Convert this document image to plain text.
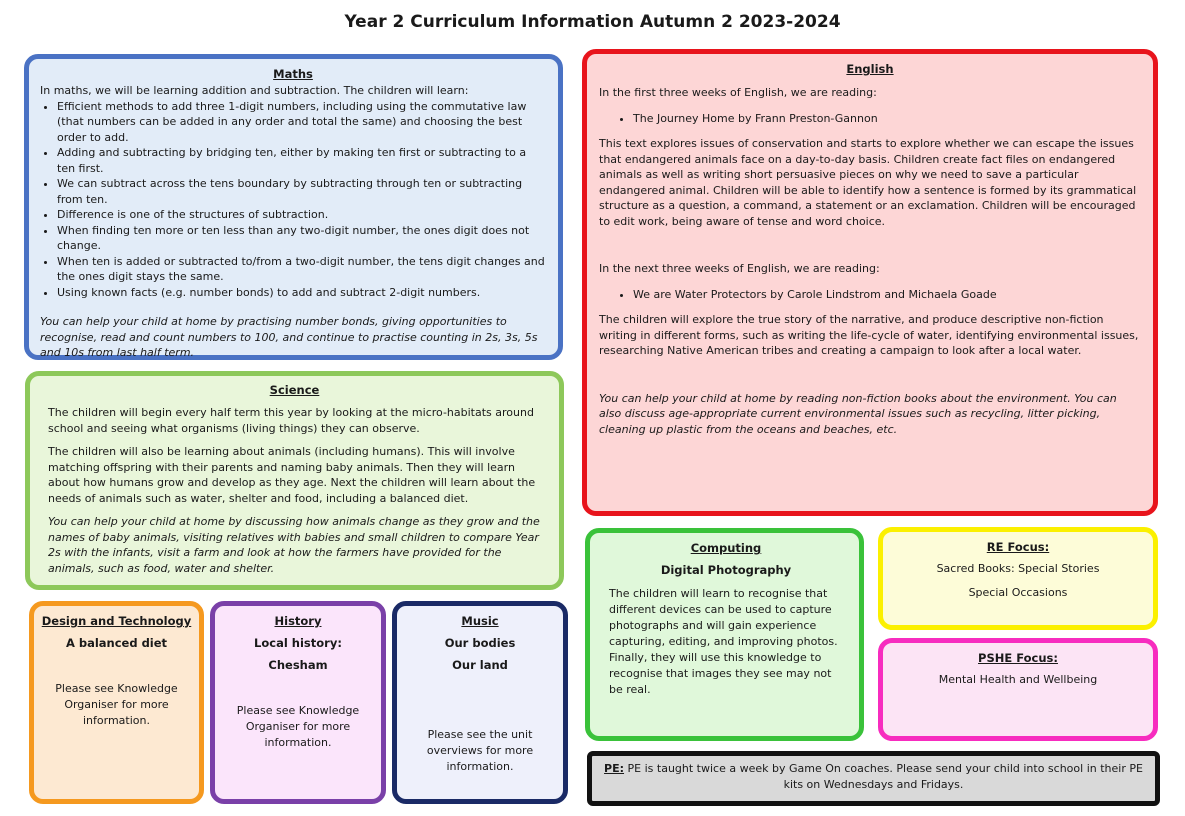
Year 2 Curriculum Information Autumn 2 2023-2024

Maths

In maths, we will be learning addition and subtraction. The children will learn:

• Efficient methods to add three 1-digit numbers, including using the commutative law (that numbers can be added in any order and total the same) and choosing the best order to add.
• Adding and subtracting by bridging ten, either by making ten first or subtracting to a ten first.
• We can subtract across the tens boundary by subtracting through ten or subtracting from ten.
• Difference is one of the structures of subtraction.
• When finding ten more or ten less than any two-digit number, the ones digit does not change.
• When ten is added or subtracted to/from a two-digit number, the tens digit changes and the ones digit stays the same.
• Using known facts (e.g. number bonds) to add and subtract 2-digit numbers.

You can help your child at home by practising number bonds, giving opportunities to recognise, read and count numbers to 100, and continue to practise counting in 2s, 3s, 5s and 10s from last half term.

English

In the first three weeks of English, we are reading:

• The Journey Home by Frann Preston-Gannon

This text explores issues of conservation and starts to explore whether we can escape the issues that endangered animals face on a day-to-day basis. Children create fact files on endangered animals as well as writing short persuasive pieces on why we need to save a particular endangered animal. Children will be able to identify how a sentence is formed by its grammatical structure as a question, a command, a statement or an exclamation. Children will be encouraged to edit work, being aware of tense and word choice.

In the next three weeks of English, we are reading:

• We are Water Protectors by Carole Lindstrom and Michaela Goade

The children will explore the true story of the narrative, and produce descriptive non-fiction writing in different forms, such as writing the life-cycle of water, identifying environmental issues, researching Native American tribes and creating a campaign to look after a local water.

You can help your child at home by reading non-fiction books about the environment. You can also discuss age-appropriate current environmental issues such as recycling, litter picking, cleaning up plastic from the oceans and beaches, etc.

Science

The children will begin every half term this year by looking at the micro-habitats around school and seeing what organisms (living things) they can observe.

The children will also be learning about animals (including humans). This will involve matching offspring with their parents and naming baby animals. Then they will learn about how humans grow and develop as they age. Next the children will learn about the needs of animals such as water, shelter and food, including a balanced diet.

You can help your child at home by discussing how animals change as they grow and the names of baby animals, visiting relatives with babies and small children to compare Year 2s with the infants, visit a farm and look at how the farmers have provided for the animals, such as food, water and shelter.

Design and Technology

A balanced diet

Please see Knowledge Organiser for more information.

History

Local history:

Chesham

Please see Knowledge Organiser for more information.

Music

Our bodies

Our land

Please see the unit overviews for more information.

Computing

Digital Photography

The children will learn to recognise that different devices can be used to capture photographs and will gain experience capturing, editing, and improving photos. Finally, they will use this knowledge to recognise that images they see may not be real.

RE Focus:

Sacred Books: Special Stories

Special Occasions

PSHE Focus:

Mental Health and Wellbeing

PE: PE is taught twice a week by Game On coaches. Please send your child into school in their PE kits on Wednesdays and Fridays.
